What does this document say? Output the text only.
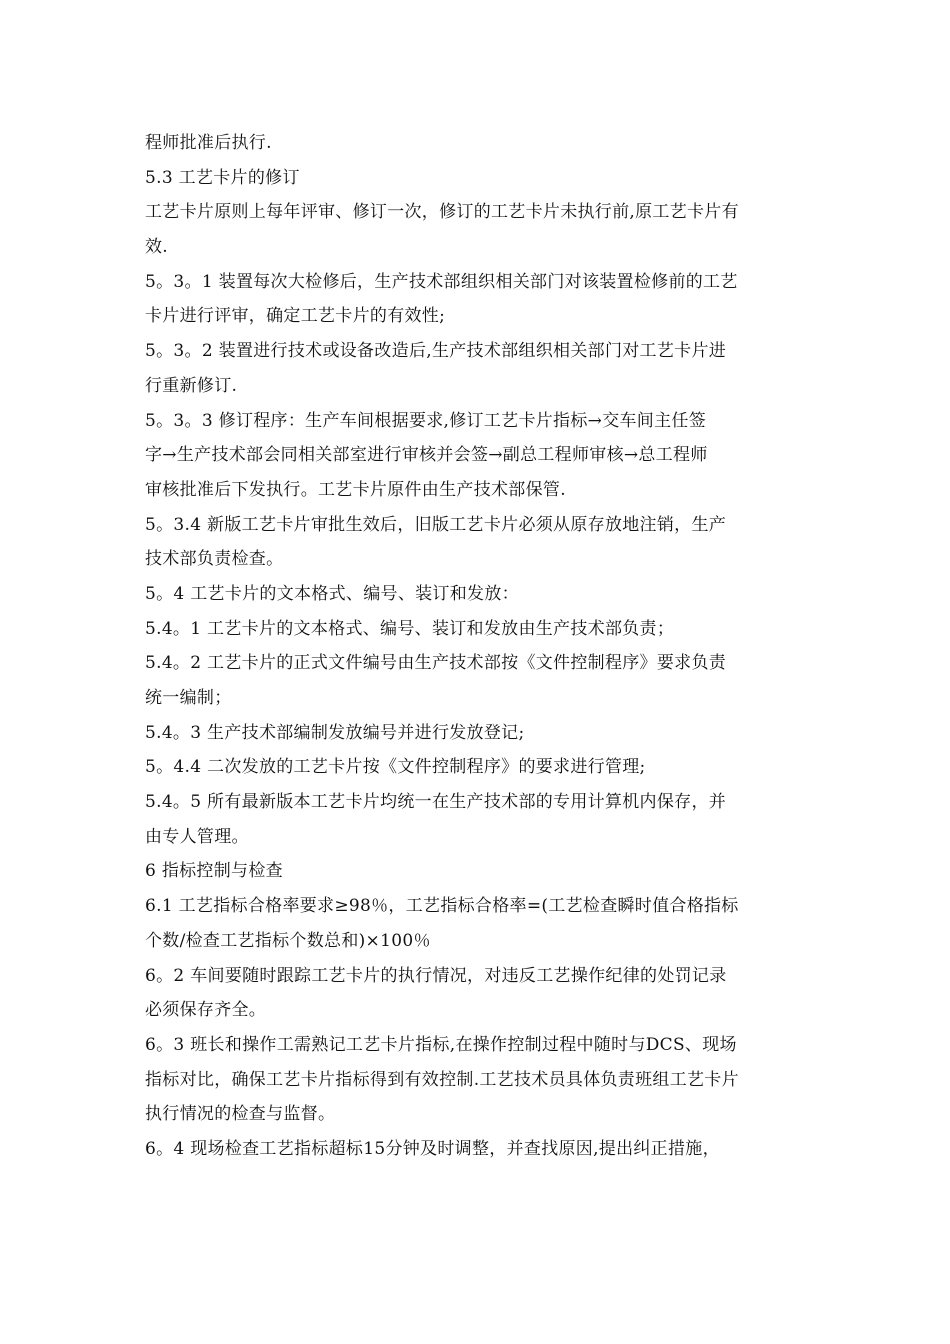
程师批准后执行.
5.3 工艺卡片的修订
工艺卡片原则上每年评审、修订一次，修订的工艺卡片未执行前,原工艺卡片有
效.
5。3。1 装置每次大检修后，生产技术部组织相关部门对该装置检修前的工艺
卡片进行评审，确定工艺卡片的有效性;
5。3。2 装置进行技术或设备改造后,生产技术部组织相关部门对工艺卡片进
行重新修订.
5。3。3 修订程序：生产车间根据要求,修订工艺卡片指标→交车间主任签
字→生产技术部会同相关部室进行审核并会签→副总工程师审核→总工程师
审核批准后下发执行。工艺卡片原件由生产技术部保管.
5。3.4 新版工艺卡片审批生效后，旧版工艺卡片必须从原存放地注销，生产
技术部负责检查。
5。4 工艺卡片的文本格式、编号、装订和发放：
5.4。1 工艺卡片的文本格式、编号、装订和发放由生产技术部负责；
5.4。2 工艺卡片的正式文件编号由生产技术部按《文件控制程序》要求负责
统一编制；
5.4。3 生产技术部编制发放编号并进行发放登记;
5。4.4 二次发放的工艺卡片按《文件控制程序》的要求进行管理;
5.4。5 所有最新版本工艺卡片均统一在生产技术部的专用计算机内保存，并
由专人管理。
6 指标控制与检查
6.1 工艺指标合格率要求≥98％，工艺指标合格率=(工艺检查瞬时值合格指标
个数/检查工艺指标个数总和)×100％
6。2 车间要随时跟踪工艺卡片的执行情况，对违反工艺操作纪律的处罚记录
必须保存齐全。
6。3 班长和操作工需熟记工艺卡片指标,在操作控制过程中随时与DCS、现场
指标对比，确保工艺卡片指标得到有效控制.工艺技术员具体负责班组工艺卡片
执行情况的检查与监督。
6。4 现场检查工艺指标超标15分钟及时调整，并查找原因,提出纠正措施，
